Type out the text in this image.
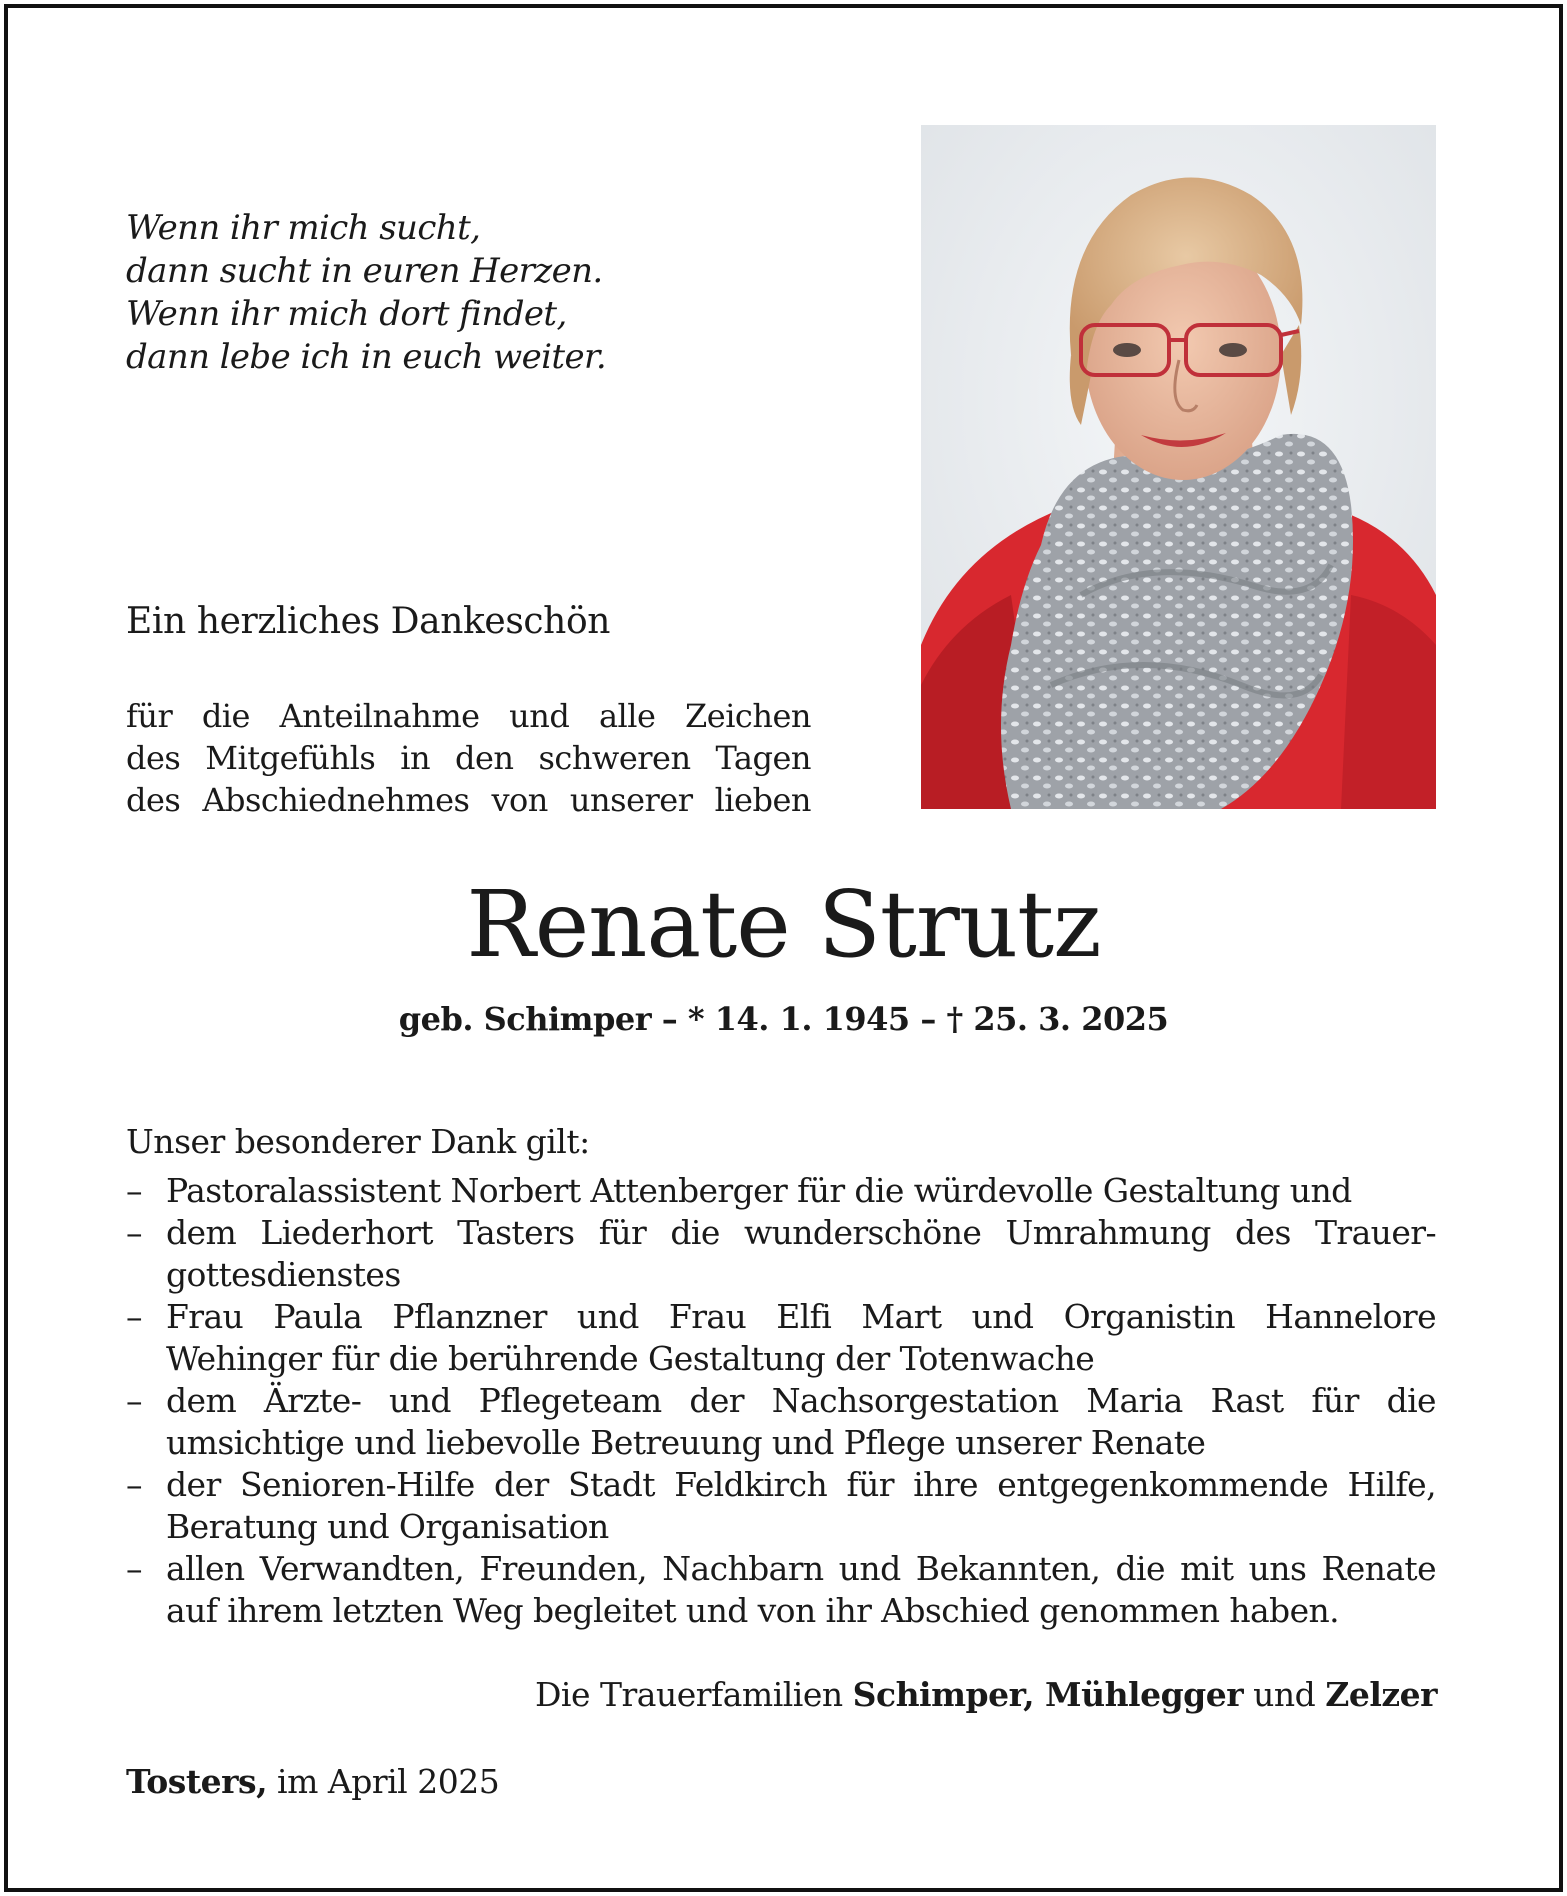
Wenn ihr mich sucht,
dann sucht in euren Herzen.
Wenn ihr mich dort findet,
dann lebe ich in euch weiter.
Ein herzliches Dankeschön
für die Anteilnahme und alle Zeichen
des Mitgefühls in den schweren Tagen
des Abschiednehmes von unserer lieben
Renate Strutz
geb. Schimper – * 14. 1. 1945 – † 25. 3. 2025
Unser besonderer Dank gilt:
– Pastoralassistent Norbert Attenberger für die würdevolle Gestaltung und
– dem Liederhort Tasters für die wunderschöne Umrahmung des Trauer-
gottesdienstes
– Frau Paula Pflanzner und Frau Elfi Mart und Organistin Hannelore
Wehinger für die berührende Gestaltung der Totenwache
– dem Ärzte- und Pflegeteam der Nachsorgestation Maria Rast für die
umsichtige und liebevolle Betreuung und Pflege unserer Renate
– der Senioren-Hilfe der Stadt Feldkirch für ihre entgegenkommende Hilfe,
Beratung und Organisation
– allen Verwandten, Freunden, Nachbarn und Bekannten, die mit uns Renate
auf ihrem letzten Weg begleitet und von ihr Abschied genommen haben.
Die Trauerfamilien Schimper, Mühlegger und Zelzer
Tosters, im April 2025
